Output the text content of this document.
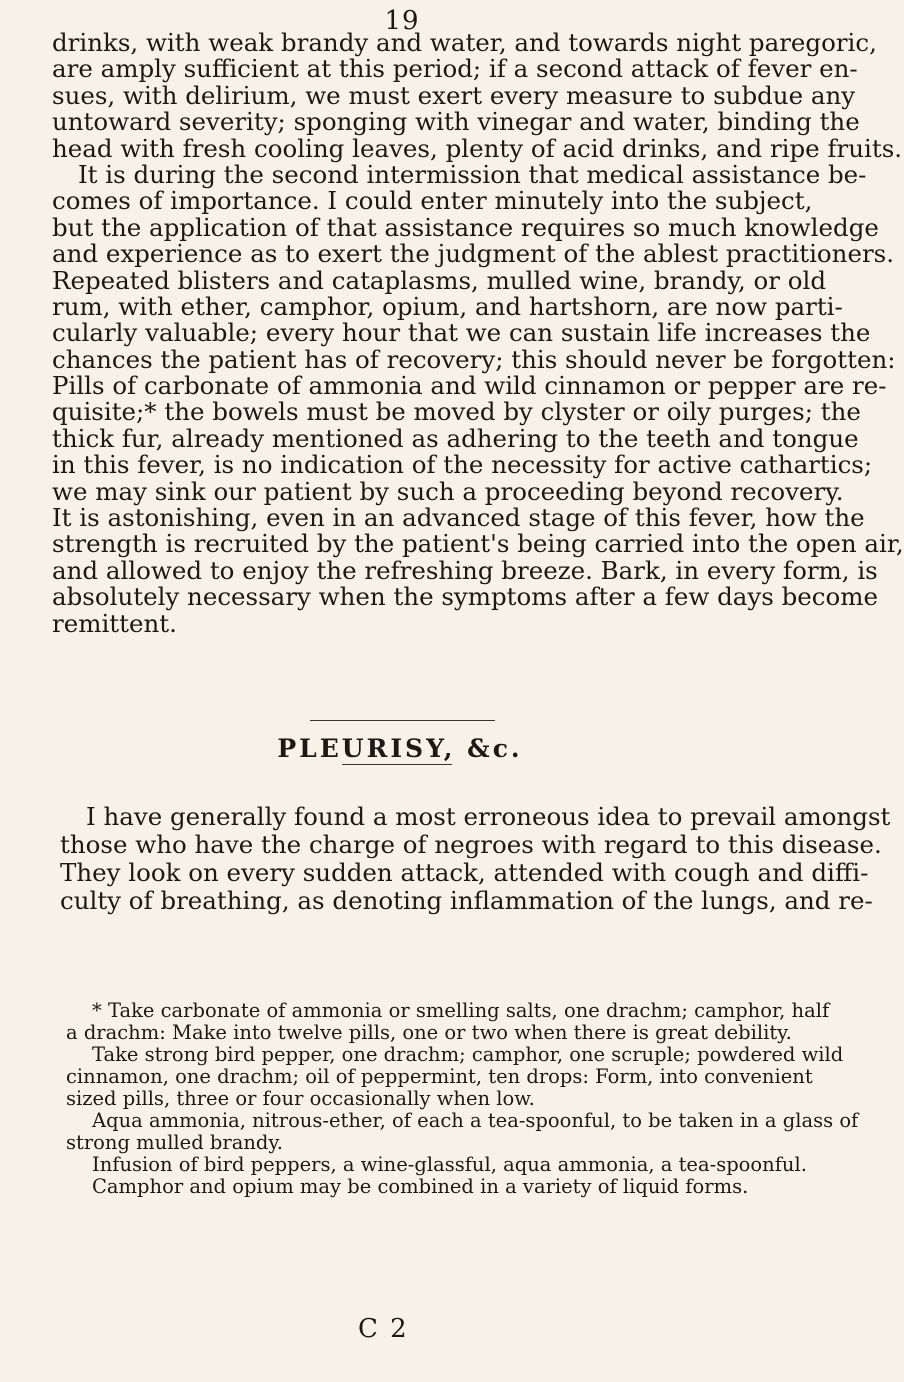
19
drinks, with weak brandy and water, and towards night paregoric,
are amply sufficient at this period; if a second attack of fever en-
sues, with delirium, we must exert every measure to subdue any
untoward severity; sponging with vinegar and water, binding the
head with fresh cooling leaves, plenty of acid drinks, and ripe fruits.
It is during the second intermission that medical assistance be-
comes of importance. I could enter minutely into the subject,
but the application of that assistance requires so much knowledge
and experience as to exert the judgment of the ablest practitioners.
Repeated blisters and cataplasms, mulled wine, brandy, or old
rum, with ether, camphor, opium, and hartshorn, are now parti-
cularly valuable; every hour that we can sustain life increases the
chances the patient has of recovery; this should never be forgotten:
Pills of carbonate of ammonia and wild cinnamon or pepper are re-
quisite;* the bowels must be moved by clyster or oily purges; the
thick fur, already mentioned as adhering to the teeth and tongue
in this fever, is no indication of the necessity for active cathartics;
we may sink our patient by such a proceeding beyond recovery.
It is astonishing, even in an advanced stage of this fever, how the
strength is recruited by the patient's being carried into the open air,
and allowed to enjoy the refreshing breeze. Bark, in every form, is
absolutely necessary when the symptoms after a few days become
remittent.
PLEURISY, &c.
I have generally found a most erroneous idea to prevail amongst
those who have the charge of negroes with regard to this disease.
They look on every sudden attack, attended with cough and diffi-
culty of breathing, as denoting inflammation of the lungs, and re-
* Take carbonate of ammonia or smelling salts, one drachm; camphor, half
a drachm: Make into twelve pills, one or two when there is great debility.
Take strong bird pepper, one drachm; camphor, one scruple; powdered wild
cinnamon, one drachm; oil of peppermint, ten drops: Form, into convenient
sized pills, three or four occasionally when low.
Aqua ammonia, nitrous-ether, of each a tea-spoonful, to be taken in a glass of
strong mulled brandy.
Infusion of bird peppers, a wine-glassful, aqua ammonia, a tea-spoonful.
Camphor and opium may be combined in a variety of liquid forms.
C 2
